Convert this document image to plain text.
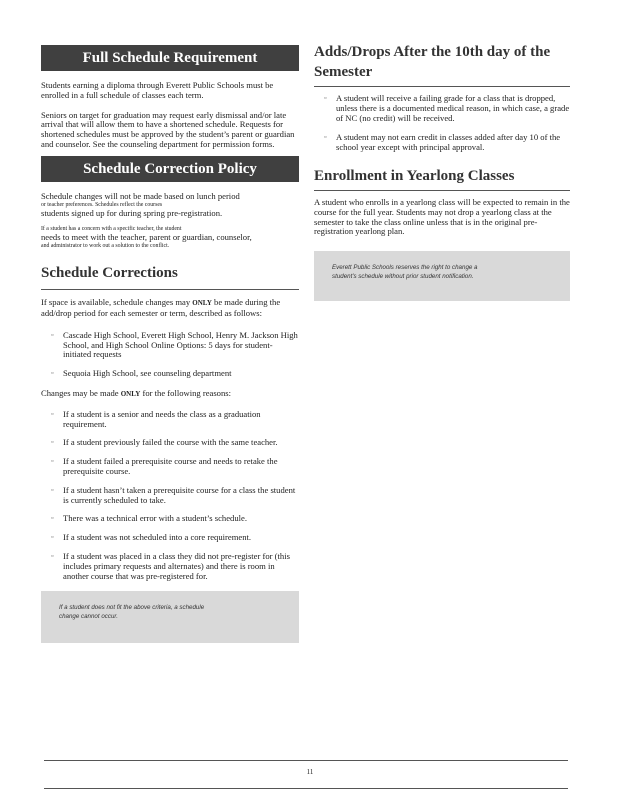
Full Schedule Requirement

Students earning a diploma through Everett Public Schools must be enrolled in a full schedule of classes each term.

Seniors on target for graduation may request early dismissal and/or late arrival that will allow them to have a shortened schedule. Requests for shortened schedules must be approved by the student’s parent or guardian and counselor. See the counseling department for permission forms.

Schedule Correction Policy

Schedule changes will not be made based on lunch period

or teacher preferences. Schedules reflect the courses

students signed up for during spring pre-registration.

If a student has a concern with a specific teacher, the student

needs to meet with the teacher, parent or guardian, counselor,

and administrator to work out a solution to the conflict.

Schedule Corrections

If space is available, schedule changes may ONLY be made during the add/drop period for each semester or term, described as follows:

▫ Cascade High School, Everett High School, Henry M. Jackson High School, and High School Online Options: 5 days for student-initiated requests
▫ Sequoia High School, see counseling department

Changes may be made ONLY for the following reasons:

▫ If a student is a senior and needs the class as a graduation requirement.
▫ If a student previously failed the course with the same teacher.
▫ If a student failed a prerequisite course and needs to retake the prerequisite course.
▫ If a student hasn’t taken a prerequisite course for a class the student is currently scheduled to take.
▫ There was a technical error with a student’s schedule.
▫ If a student was not scheduled into a core requirement.
▫ If a student was placed in a class they did not pre-register for (this includes primary requests and alternates) and there is room in another course that was pre-registered for.
If a student does not fit the above criteria, a schedule
change cannot occur.
Adds/Drops After the 10th day of the
Semester
▫ A student will receive a failing grade for a class that is dropped, unless there is a documented medical reason, in which case, a grade of NC (no credit) will be received.
▫ A student may not earn credit in classes added after day 10 of the school year except with principal approval.
Enrollment in Yearlong Classes

A student who enrolls in a yearlong class will be expected to remain in the course for the full year. Students may not drop a yearlong class at the semester to take the class online unless that is in the original pre-registration yearlong plan.

Everett Public Schools reserves the right to change a
student's schedule without prior student notification.
11
